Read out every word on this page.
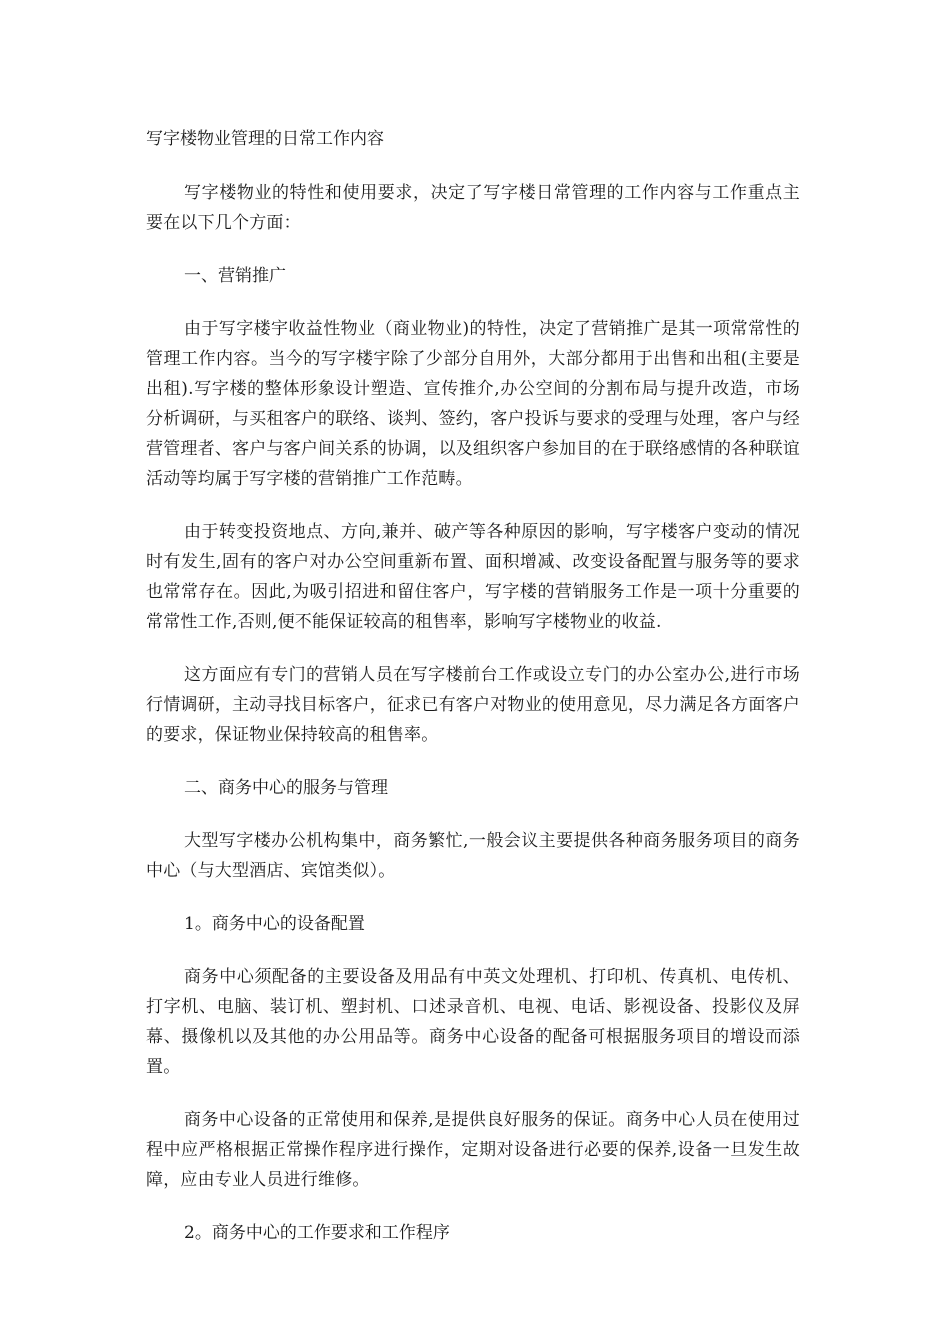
写字楼物业管理的日常工作内容

写字楼物业的特性和使用要求，决定了写字楼日常管理的工作内容与工作重点主要在以下几个方面：

一、营销推广

由于写字楼宇收益性物业（商业物业)的特性，决定了营销推广是其一项常常性的管理工作内容。当今的写字楼宇除了少部分自用外，大部分都用于出售和出租(主要是出租).写字楼的整体形象设计塑造、宣传推介,办公空间的分割布局与提升改造，市场分析调研，与买租客户的联络、谈判、签约，客户投诉与要求的受理与处理，客户与经营管理者、客户与客户间关系的协调，以及组织客户参加目的在于联络感情的各种联谊活动等均属于写字楼的营销推广工作范畴。

由于转变投资地点、方向,兼并、破产等各种原因的影响，写字楼客户变动的情况时有发生,固有的客户对办公空间重新布置、面积增减、改变设备配置与服务等的要求也常常存在。因此,为吸引招进和留住客户，写字楼的营销服务工作是一项十分重要的常常性工作,否则,便不能保证较高的租售率，影响写字楼物业的收益.

这方面应有专门的营销人员在写字楼前台工作或设立专门的办公室办公,进行市场行情调研，主动寻找目标客户，征求已有客户对物业的使用意见，尽力满足各方面客户的要求，保证物业保持较高的租售率。

二、商务中心的服务与管理

大型写字楼办公机构集中，商务繁忙,一般会议主要提供各种商务服务项目的商务中心（与大型酒店、宾馆类似）。

1。商务中心的设备配置

商务中心须配备的主要设备及用品有中英文处理机、打印机、传真机、电传机、打字机、电脑、装订机、塑封机、口述录音机、电视、电话、影视设备、投影仪及屏幕、摄像机以及其他的办公用品等。商务中心设备的配备可根据服务项目的增设而添置。

商务中心设备的正常使用和保养,是提供良好服务的保证。商务中心人员在使用过程中应严格根据正常操作程序进行操作，定期对设备进行必要的保养,设备一旦发生故障，应由专业人员进行维修。

2。商务中心的工作要求和工作程序
